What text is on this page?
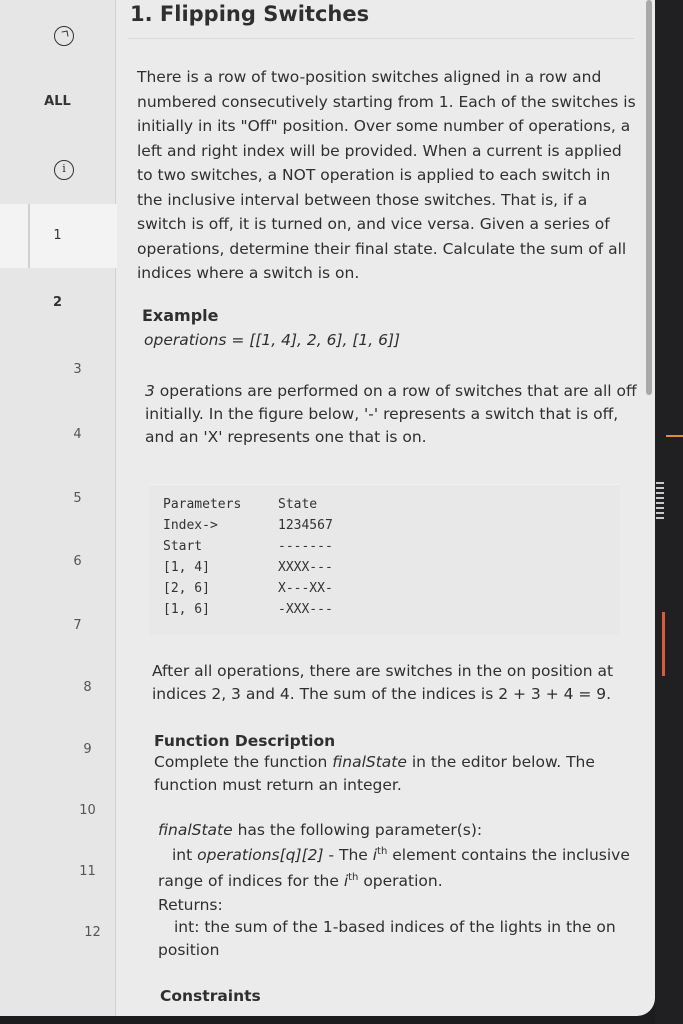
ALL
i
1
2
3
4
5
6
7
8
9
10
11
12
1. Flipping Switches
There is a row of two-position switches aligned in a row and numbered consecutively starting from 1. Each of the switches is initially in its "Off" position. Over some number of operations, a left and right index will be provided. When a current is applied to two switches, a NOT operation is applied to each switch in the inclusive interval between those switches. That is, if a switch is off, it is turned on, and vice versa. Given a series of operations, determine their final state. Calculate the sum of all indices where a switch is on.
Example
operations = [[1, 4], 2, 6], [1, 6]]
3 operations are performed on a row of switches that are all off initially. In the figure below, '-' represents a switch that is off, and an 'X' represents one that is on.
Parameters	State
Index->	1234567
Start	-------
[1, 4]	XXXX---
[2, 6]	X---XX-
[1, 6]	-XXX---
After all operations, there are switches in the on position at indices 2, 3 and 4. The sum of the indices is 2 + 3 + 4 = 9.
Function Description
Complete the function finalState in the editor below. The function must return an integer.
finalState has the following parameter(s):
int operations[q][2] - The $i^{th}$ element contains the inclusive
range of indices for the $i^{th}$ operation.
Returns:
int: the sum of the 1-based indices of the lights in the on
position
Constraints
